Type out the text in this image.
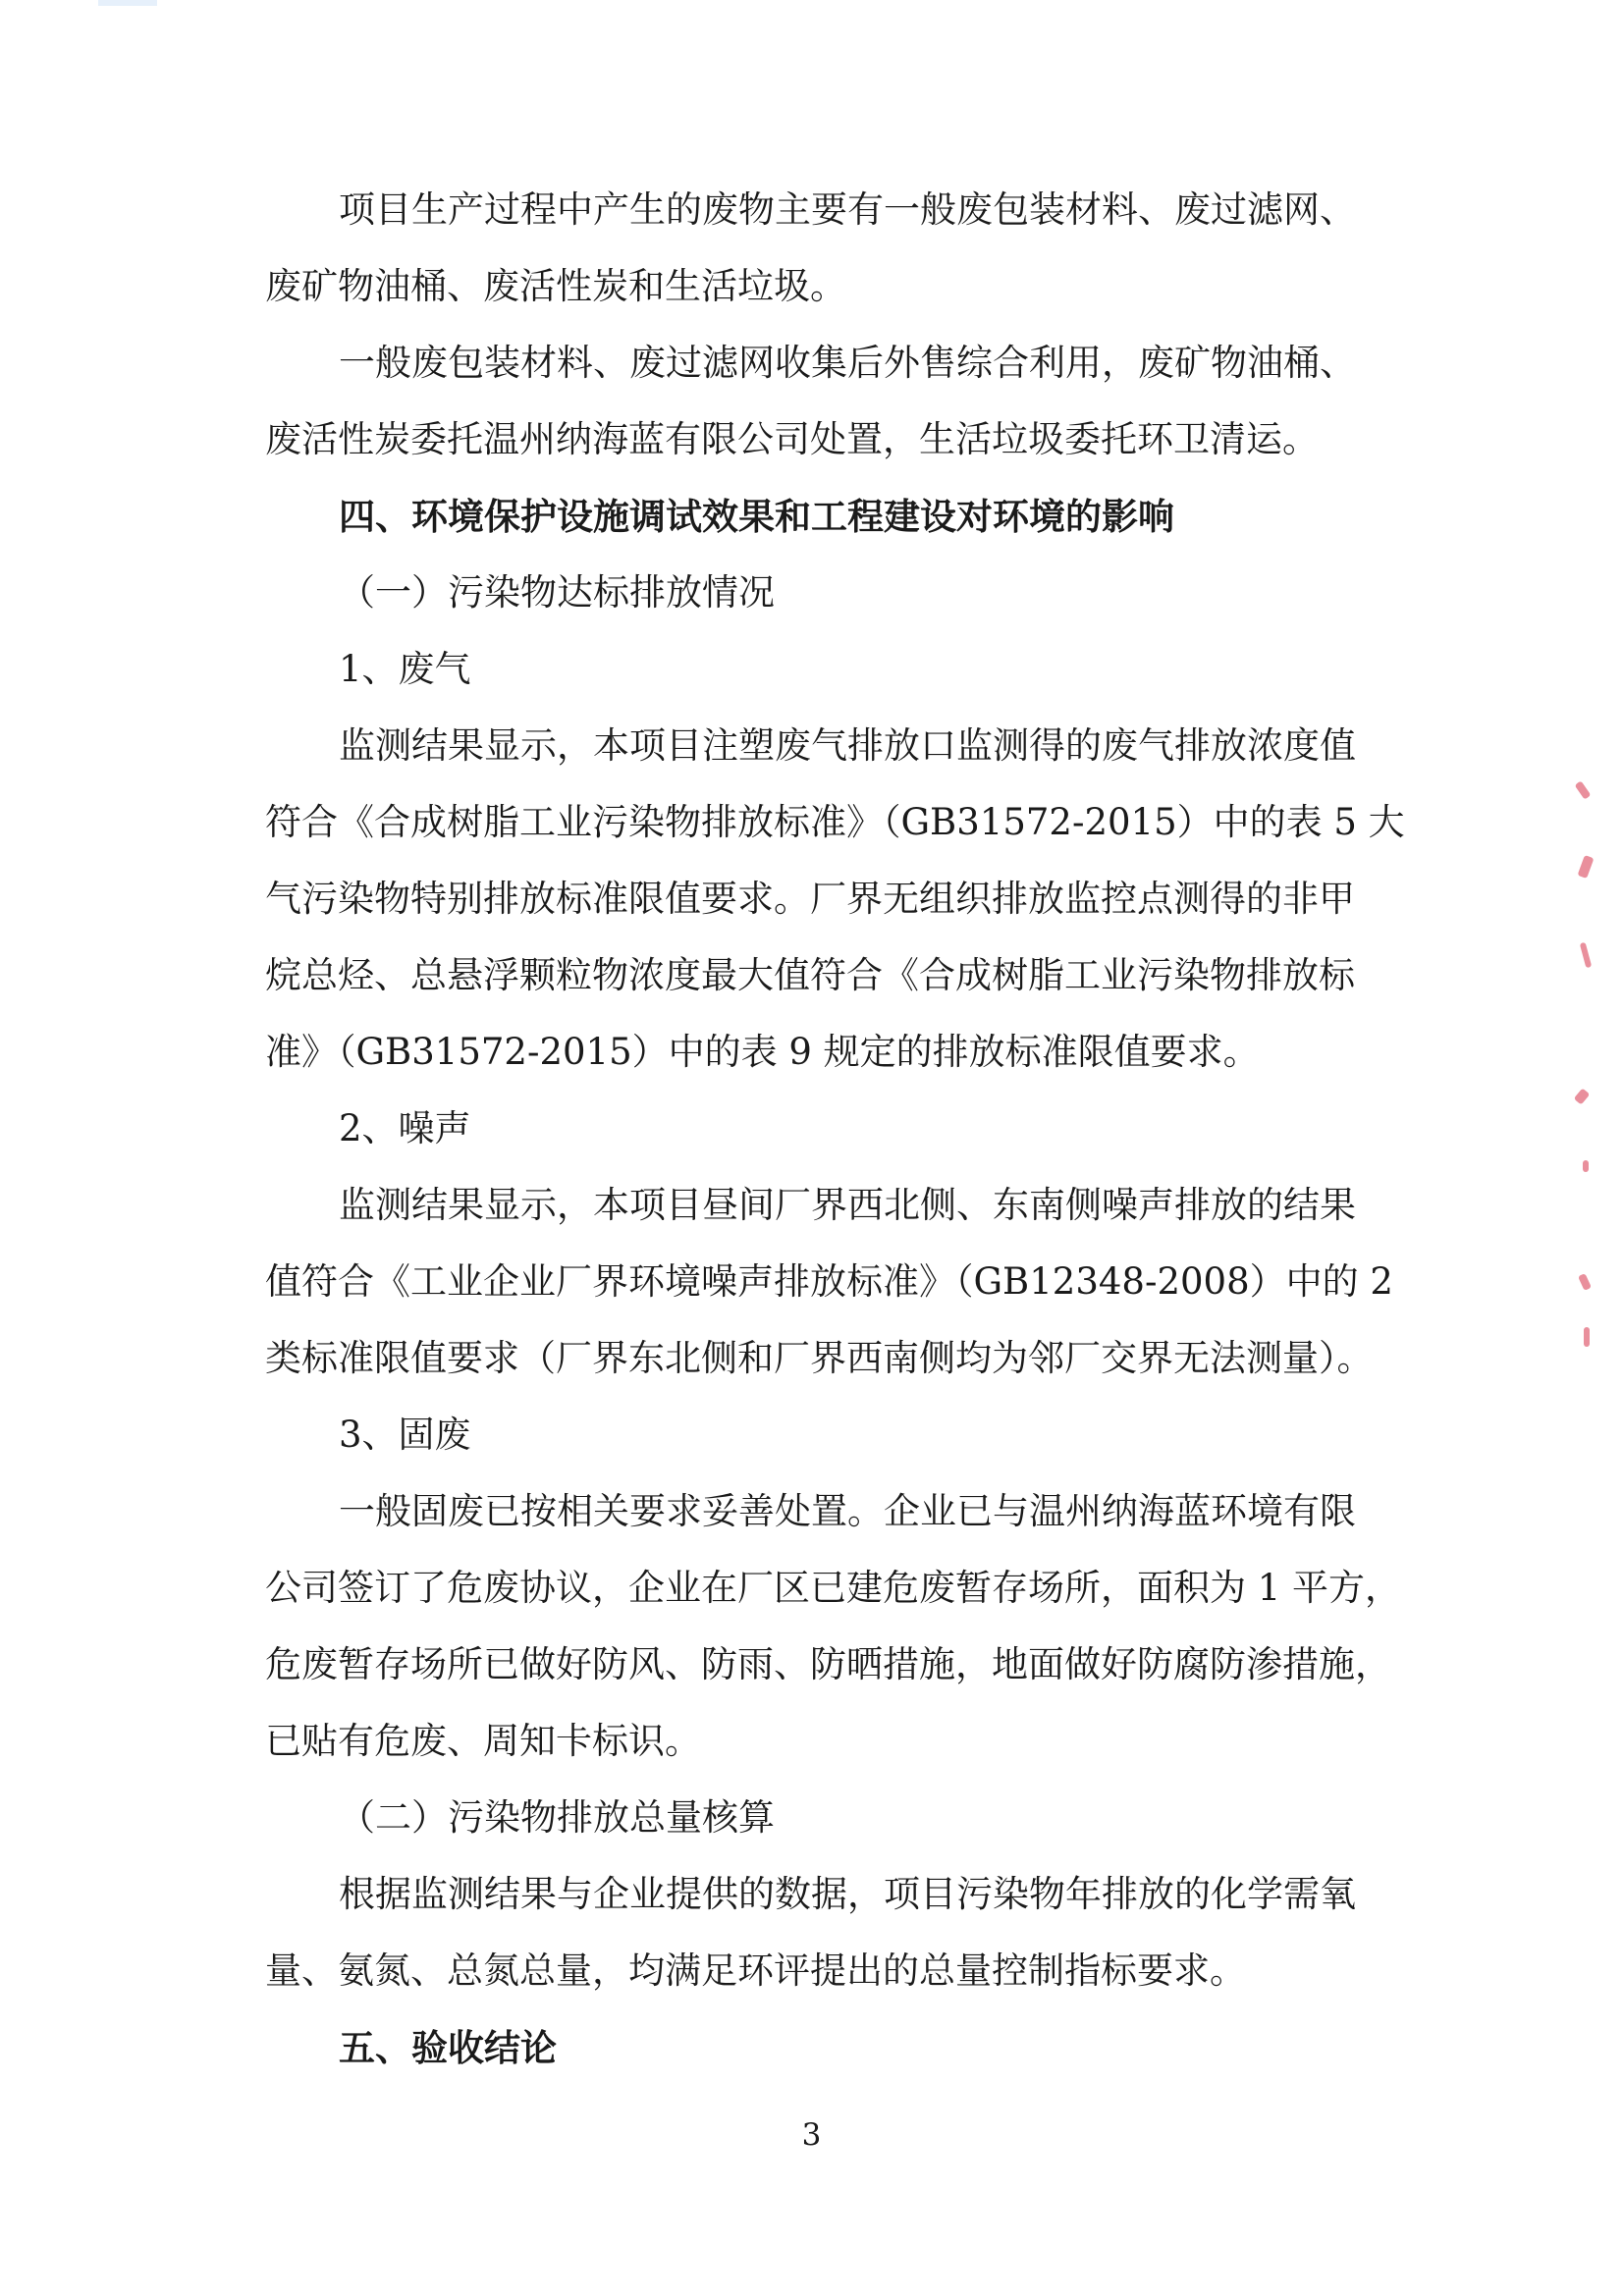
项目生产过程中产生的废物主要有一般废包装材料、废过滤网、
废矿物油桶、废活性炭和生活垃圾。
一般废包装材料、废过滤网收集后外售综合利用，废矿物油桶、
废活性炭委托温州纳海蓝有限公司处置，生活垃圾委托环卫清运。
四、环境保护设施调试效果和工程建设对环境的影响
（一）污染物达标排放情况
1、废气
监测结果显示，本项目注塑废气排放口监测得的废气排放浓度值
符合《合成树脂工业污染物排放标准》（GB31572-2015）中的表 5 大
气污染物特别排放标准限值要求。厂界无组织排放监控点测得的非甲
烷总烃、总悬浮颗粒物浓度最大值符合《合成树脂工业污染物排放标
准》（GB31572-2015）中的表 9 规定的排放标准限值要求。
2、噪声
监测结果显示，本项目昼间厂界西北侧、东南侧噪声排放的结果
值符合《工业企业厂界环境噪声排放标准》（GB12348-2008）中的 2
类标准限值要求（厂界东北侧和厂界西南侧均为邻厂交界无法测量）。
3、固废
一般固废已按相关要求妥善处置。企业已与温州纳海蓝环境有限
公司签订了危废协议，企业在厂区已建危废暂存场所，面积为 1 平方，
危废暂存场所已做好防风、防雨、防晒措施，地面做好防腐防渗措施，
已贴有危废、周知卡标识。
（二）污染物排放总量核算
根据监测结果与企业提供的数据，项目污染物年排放的化学需氧
量、氨氮、总氮总量，均满足环评提出的总量控制指标要求。
五、验收结论
3
